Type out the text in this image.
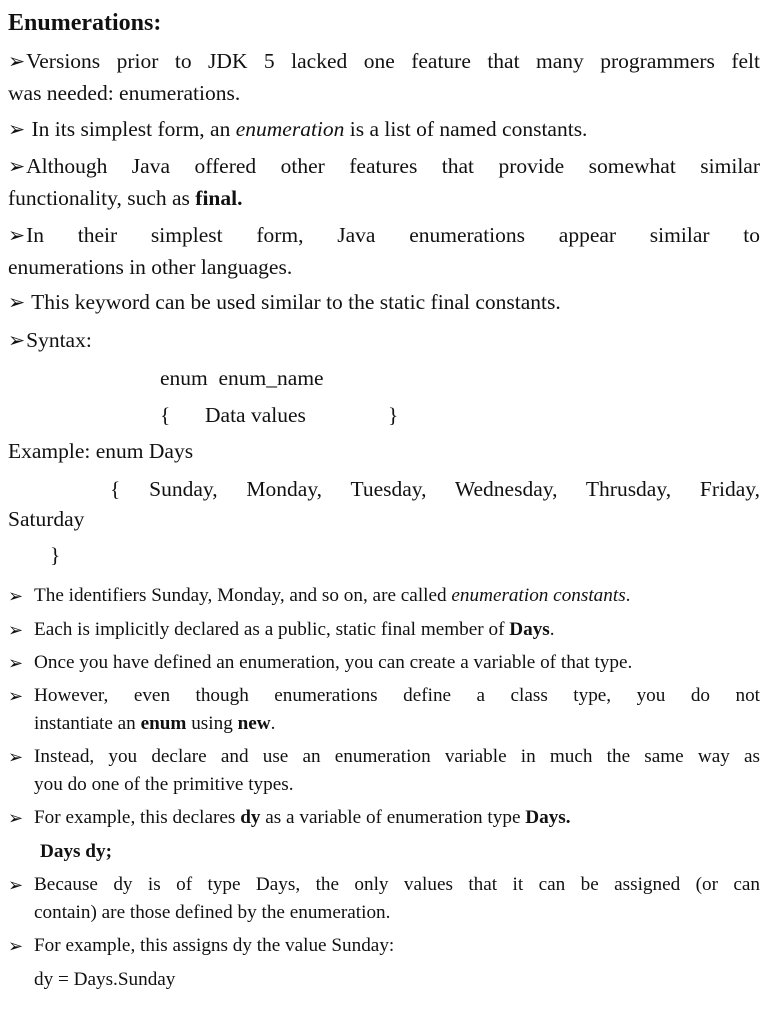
Enumerations:
➢Versions prior to JDK 5 lacked one feature that many programmers felt
was needed: enumerations.
➢ In its simplest form, an enumeration is a list of named constants.
➢Although Java offered other features that provide somewhat similar
functionality, such as final.
➢In their simplest form, Java enumerations appear similar to
enumerations in other languages.
➢ This keyword can be used similar to the static final constants.
➢Syntax:
enum  enum_name
{ Data values	}
Example: enum Days
{ Sunday, Monday, Tuesday, Wednesday, Thrusday, Friday,
Saturday
}
➢ The identifiers Sunday, Monday, and so on, are called enumeration constants.
➢ Each is implicitly declared as a public, static final member of Days.
➢ Once you have defined an enumeration, you can create a variable of that type.
➢ However, even though enumerations define a class type, you do not
instantiate an enum using new.
➢ Instead, you declare and use an enumeration variable in much the same way as
you do one of the primitive types.
➢ For example, this declares dy as a variable of enumeration type Days.
Days dy;
➢ Because dy is of type Days, the only values that it can be assigned (or can
contain) are those defined by the enumeration.
➢ For example, this assigns dy the value Sunday:
dy = Days.Sunday
